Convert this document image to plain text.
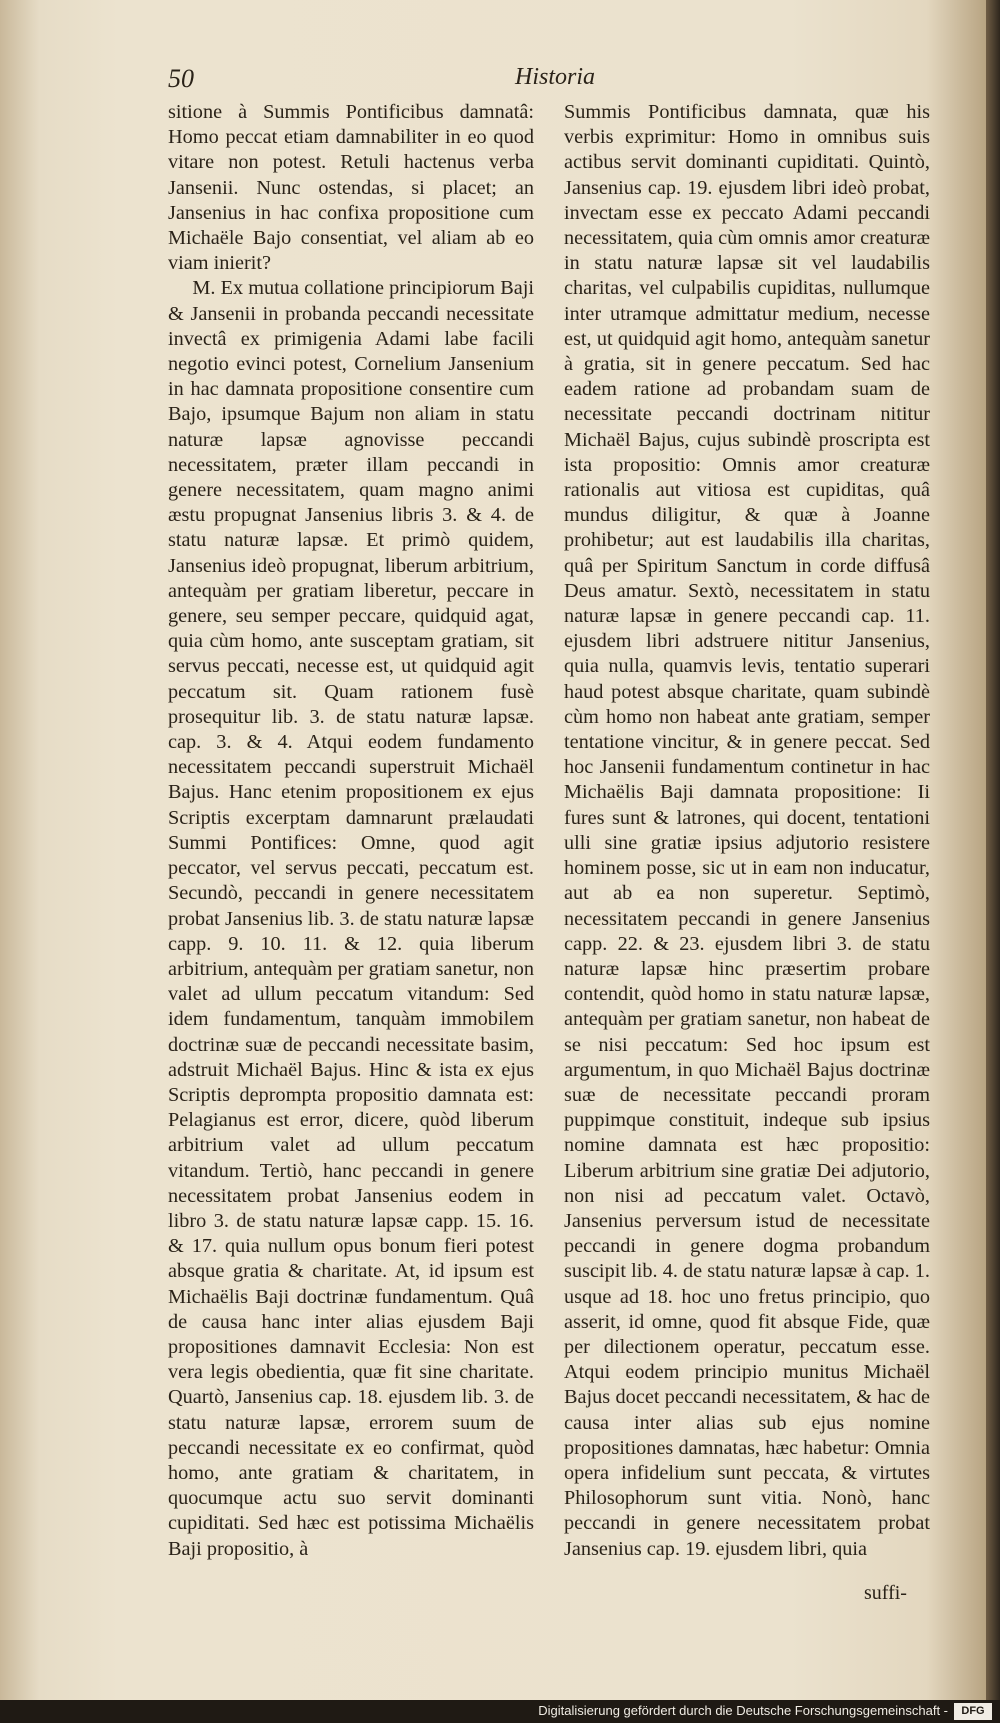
50	Historia

sitione à Summis Pontificibus damnatâ: Homo peccat etiam damnabiliter in eo quod vitare non potest. Retuli hactenus verba Jansenii. Nunc ostendas, si placet; an Jansenius in hac confixa propositione cum Michaële Bajo consentiat, vel aliam ab eo viam inierit?

M. Ex mutua collatione principiorum Baji & Jansenii in probanda peccandi necessitate invectâ ex primigenia Adami labe facili negotio evinci potest, Cornelium Jansenium in hac damnata propositione consentire cum Bajo, ipsumque Bajum non aliam in statu naturæ lapsæ agnovisse peccandi necessitatem, præter illam peccandi in genere necessitatem, quam magno animi æstu propugnat Jansenius libris 3. & 4. de statu naturæ lapsæ. Et primò quidem, Jansenius ideò propugnat, liberum arbitrium, antequàm per gratiam liberetur, peccare in genere, seu semper peccare, quidquid agat, quia cùm homo, ante susceptam gratiam, sit servus peccati, necesse est, ut quidquid agit peccatum sit. Quam rationem fusè prosequitur lib. 3. de statu naturæ lapsæ. cap. 3. & 4. Atqui eodem fundamento necessitatem peccandi superstruit Michaël Bajus. Hanc etenim propositionem ex ejus Scriptis excerptam damnarunt prælaudati Summi Pontifices: Omne, quod agit peccator, vel servus peccati, peccatum est. Secundò, peccandi in genere necessitatem probat Jansenius lib. 3. de statu naturæ lapsæ capp. 9. 10. 11. & 12. quia liberum arbitrium, antequàm per gratiam sanetur, non valet ad ullum peccatum vitandum: Sed idem fundamentum, tanquàm immobilem doctrinæ suæ de peccandi necessitate basim, adstruit Michaël Bajus. Hinc & ista ex ejus Scriptis deprompta propositio damnata est: Pelagianus est error, dicere, quòd liberum arbitrium valet ad ullum peccatum vitandum. Tertiò, hanc peccandi in genere necessitatem probat Jansenius eodem in libro 3. de statu naturæ lapsæ capp. 15. 16. & 17. quia nullum opus bonum fieri potest absque gratia & charitate. At, id ipsum est Michaëlis Baji doctrinæ fundamentum. Quâ de causa hanc inter alias ejusdem Baji propositiones damnavit Ecclesia: Non est vera legis obedientia, quæ fit sine charitate. Quartò, Jansenius cap. 18. ejusdem lib. 3. de statu naturæ lapsæ, errorem suum de peccandi necessitate ex eo confirmat, quòd homo, ante gratiam & charitatem, in quocumque actu suo servit dominanti cupiditati. Sed hæc est potissima Michaëlis Baji propositio, à

Summis Pontificibus damnata, quæ his verbis exprimitur: Homo in omnibus suis actibus servit dominanti cupiditati. Quintò, Jansenius cap. 19. ejusdem libri ideò probat, invectam esse ex peccato Adami peccandi necessitatem, quia cùm omnis amor creaturæ in statu naturæ lapsæ sit vel laudabilis charitas, vel culpabilis cupiditas, nullumque inter utramque admittatur medium, necesse est, ut quidquid agit homo, antequàm sanetur à gratia, sit in genere peccatum. Sed hac eadem ratione ad probandam suam de necessitate peccandi doctrinam nititur Michaël Bajus, cujus subindè proscripta est ista propositio: Omnis amor creaturæ rationalis aut vitiosa est cupiditas, quâ mundus diligitur, & quæ à Joanne prohibetur; aut est laudabilis illa charitas, quâ per Spiritum Sanctum in corde diffusâ Deus amatur. Sextò, necessitatem in statu naturæ lapsæ in genere peccandi cap. 11. ejusdem libri adstruere nititur Jansenius, quia nulla, quamvis levis, tentatio superari haud potest absque charitate, quam subindè cùm homo non habeat ante gratiam, semper tentatione vincitur, & in genere peccat. Sed hoc Jansenii fundamentum continetur in hac Michaëlis Baji damnata propositione: Ii fures sunt & latrones, qui docent, tentationi ulli sine gratiæ ipsius adjutorio resistere hominem posse, sic ut in eam non inducatur, aut ab ea non superetur. Septimò, necessitatem peccandi in genere Jansenius capp. 22. & 23. ejusdem libri 3. de statu naturæ lapsæ hinc præsertim probare contendit, quòd homo in statu naturæ lapsæ, antequàm per gratiam sanetur, non habeat de se nisi peccatum: Sed hoc ipsum est argumentum, in quo Michaël Bajus doctrinæ suæ de necessitate peccandi proram puppimque constituit, indeque sub ipsius nomine damnata est hæc propositio: Liberum arbitrium sine gratiæ Dei adjutorio, non nisi ad peccatum valet. Octavò, Jansenius perversum istud de necessitate peccandi in genere dogma probandum suscipit lib. 4. de statu naturæ lapsæ à cap. 1. usque ad 18. hoc uno fretus principio, quo asserit, id omne, quod fit absque Fide, quæ per dilectionem operatur, peccatum esse. Atqui eodem principio munitus Michaël Bajus docet peccandi necessitatem, & hac de causa inter alias sub ejus nomine propositiones damnatas, hæc habetur: Omnia opera infidelium sunt peccata, & virtutes Philosophorum sunt vitia. Nonò, hanc peccandi in genere necessitatem probat Jansenius cap. 19. ejusdem libri, quia

suffi-
Digitalisierung gefördert durch die Deutsche Forschungsgemeinschaft -	DFG
